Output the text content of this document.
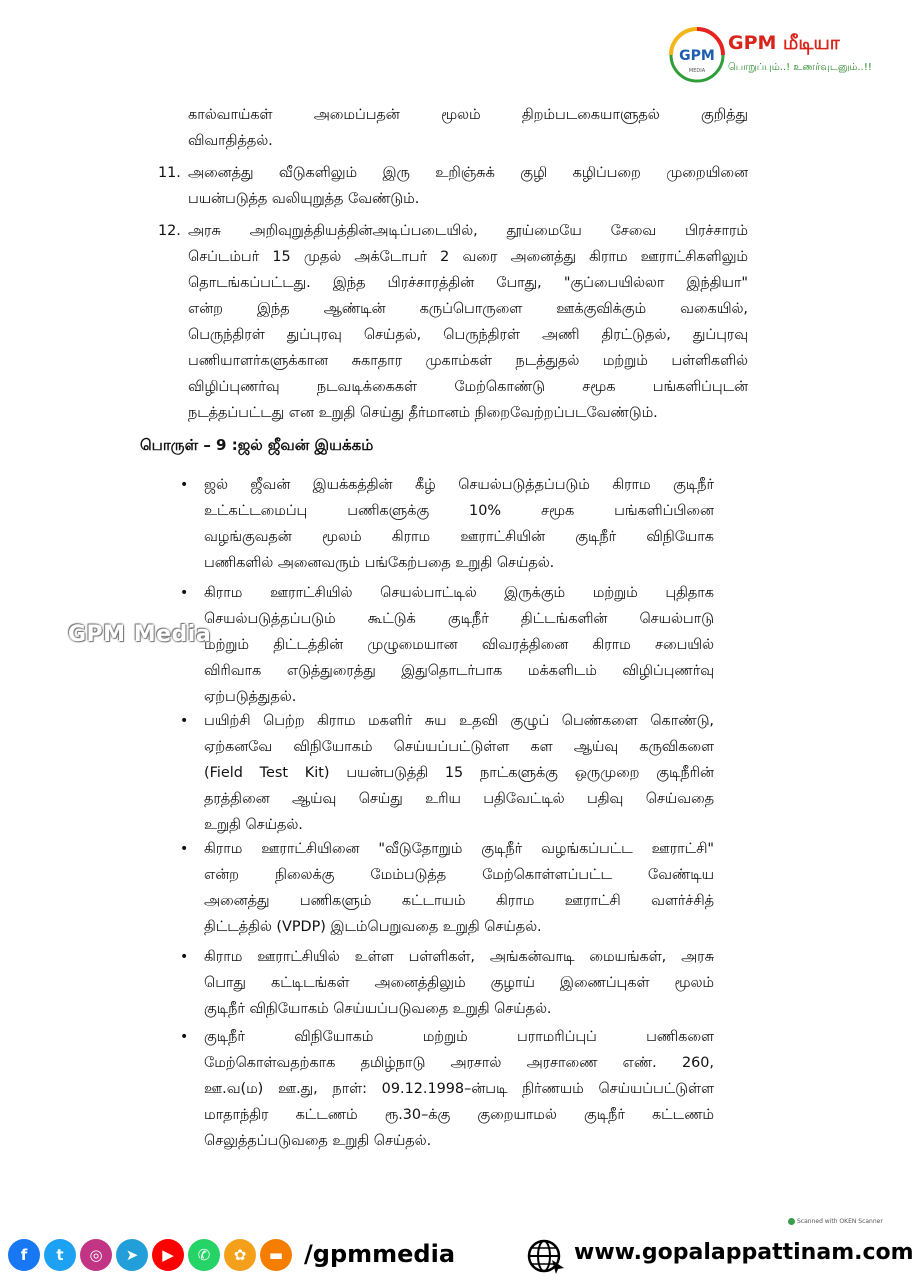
GPM
MEDIA
GPM மீடியா
பொறுப்பும்..! உணர்வுடனும்..!!
கால்வாய்கள் அமைப்பதன் மூலம் திறம்படகையாளுதல் குறித்து
விவாதித்தல்.
11. அனைத்து வீடுகளிலும் இரு உறிஞ்சுக் குழி கழிப்பறை முறையினை
பயன்படுத்த வலியுறுத்த வேண்டும்.
12. அரசு அறிவுறுத்தியத்தின்அடிப்படையில், தூய்மையே சேவை பிரச்சாரம்
செப்டம்பர் 15 முதல் அக்டோபர் 2 வரை அனைத்து கிராம ஊராட்சிகளிலும்
தொடங்கப்பட்டது. இந்த பிரச்சாரத்தின் போது, "குப்பையில்லா இந்தியா"
என்ற இந்த ஆண்டின் கருப்பொருளை ஊக்குவிக்கும் வகையில்,
பெருந்திரள் துப்புரவு செய்தல், பெருந்திரள் அணி திரட்டுதல், துப்புரவு
பணியாளர்களுக்கான சுகாதார முகாம்கள் நடத்துதல் மற்றும் பள்ளிகளில்
விழிப்புணர்வு நடவடிக்கைகள் மேற்கொண்டு சமூக பங்களிப்புடன்
நடத்தப்பட்டது என உறுதி செய்து தீர்மானம் நிறைவேற்றப்படவேண்டும்.
பொருள் – 9 :ஜல் ஜீவன் இயக்கம்
• ஜல் ஜீவன் இயக்கத்தின் கீழ் செயல்படுத்தப்படும் கிராம குடிநீர்
உட்கட்டமைப்பு பணிகளுக்கு 10% சமூக பங்களிப்பினை
வழங்குவதன் மூலம் கிராம ஊராட்சியின் குடிநீர் விநியோக
பணிகளில் அனைவரும் பங்கேற்பதை உறுதி செய்தல்.
• கிராம ஊராட்சியில் செயல்பாட்டில் இருக்கும் மற்றும் புதிதாக
செயல்படுத்தப்படும் கூட்டுக் குடிநீர் திட்டங்களின் செயல்பாடு
மற்றும் திட்டத்தின் முழுமையான விவரத்தினை கிராம சபையில்
விரிவாக எடுத்துரைத்து இதுதொடர்பாக மக்களிடம் விழிப்புணர்வு
ஏற்படுத்துதல்.
• பயிற்சி பெற்ற கிராம மகளிர் சுய உதவி குழுப் பெண்களை கொண்டு,
ஏற்கனவே விநியோகம் செய்யப்பட்டுள்ள கள ஆய்வு கருவிகளை
(Field Test Kit) பயன்படுத்தி 15 நாட்களுக்கு ஒருமுறை குடிநீரின்
தரத்தினை ஆய்வு செய்து உரிய பதிவேட்டில் பதிவு செய்வதை
உறுதி செய்தல்.
• கிராம ஊராட்சியினை "வீடுதோறும் குடிநீர் வழங்கப்பட்ட ஊராட்சி"
என்ற நிலைக்கு மேம்படுத்த மேற்கொள்ளப்பட்ட வேண்டிய
அனைத்து பணிகளும் கட்டாயம் கிராம ஊராட்சி வளர்ச்சித்
திட்டத்தில் (VPDP) இடம்பெறுவதை உறுதி செய்தல்.
• கிராம ஊராட்சியில் உள்ள பள்ளிகள், அங்கன்வாடி மையங்கள், அரசு
பொது கட்டிடங்கள் அனைத்திலும் குழாய் இணைப்புகள் மூலம்
குடிநீர் விநியோகம் செய்யப்படுவதை உறுதி செய்தல்.
• குடிநீர் விநியோகம் மற்றும் பராமரிப்புப் பணிகளை
மேற்கொள்வதற்காக தமிழ்நாடு அரசால் அரசாணை எண். 260,
ஊ.வ(ம) ஊ.து, நாள்: 09.12.1998–ன்படி நிர்ணயம் செய்யப்பட்டுள்ள
மாதாந்திர கட்டணம் ரூ.30–க்கு குறையாமல் குடிநீர் கட்டணம்
செலுத்தப்படுவதை உறுதி செய்தல்.
GPM Media
Scanned with OKEN Scanner
f	t	◎	➤	▶	✆	✿	▬ /gpmmedia	www.gopalappattinam.com
